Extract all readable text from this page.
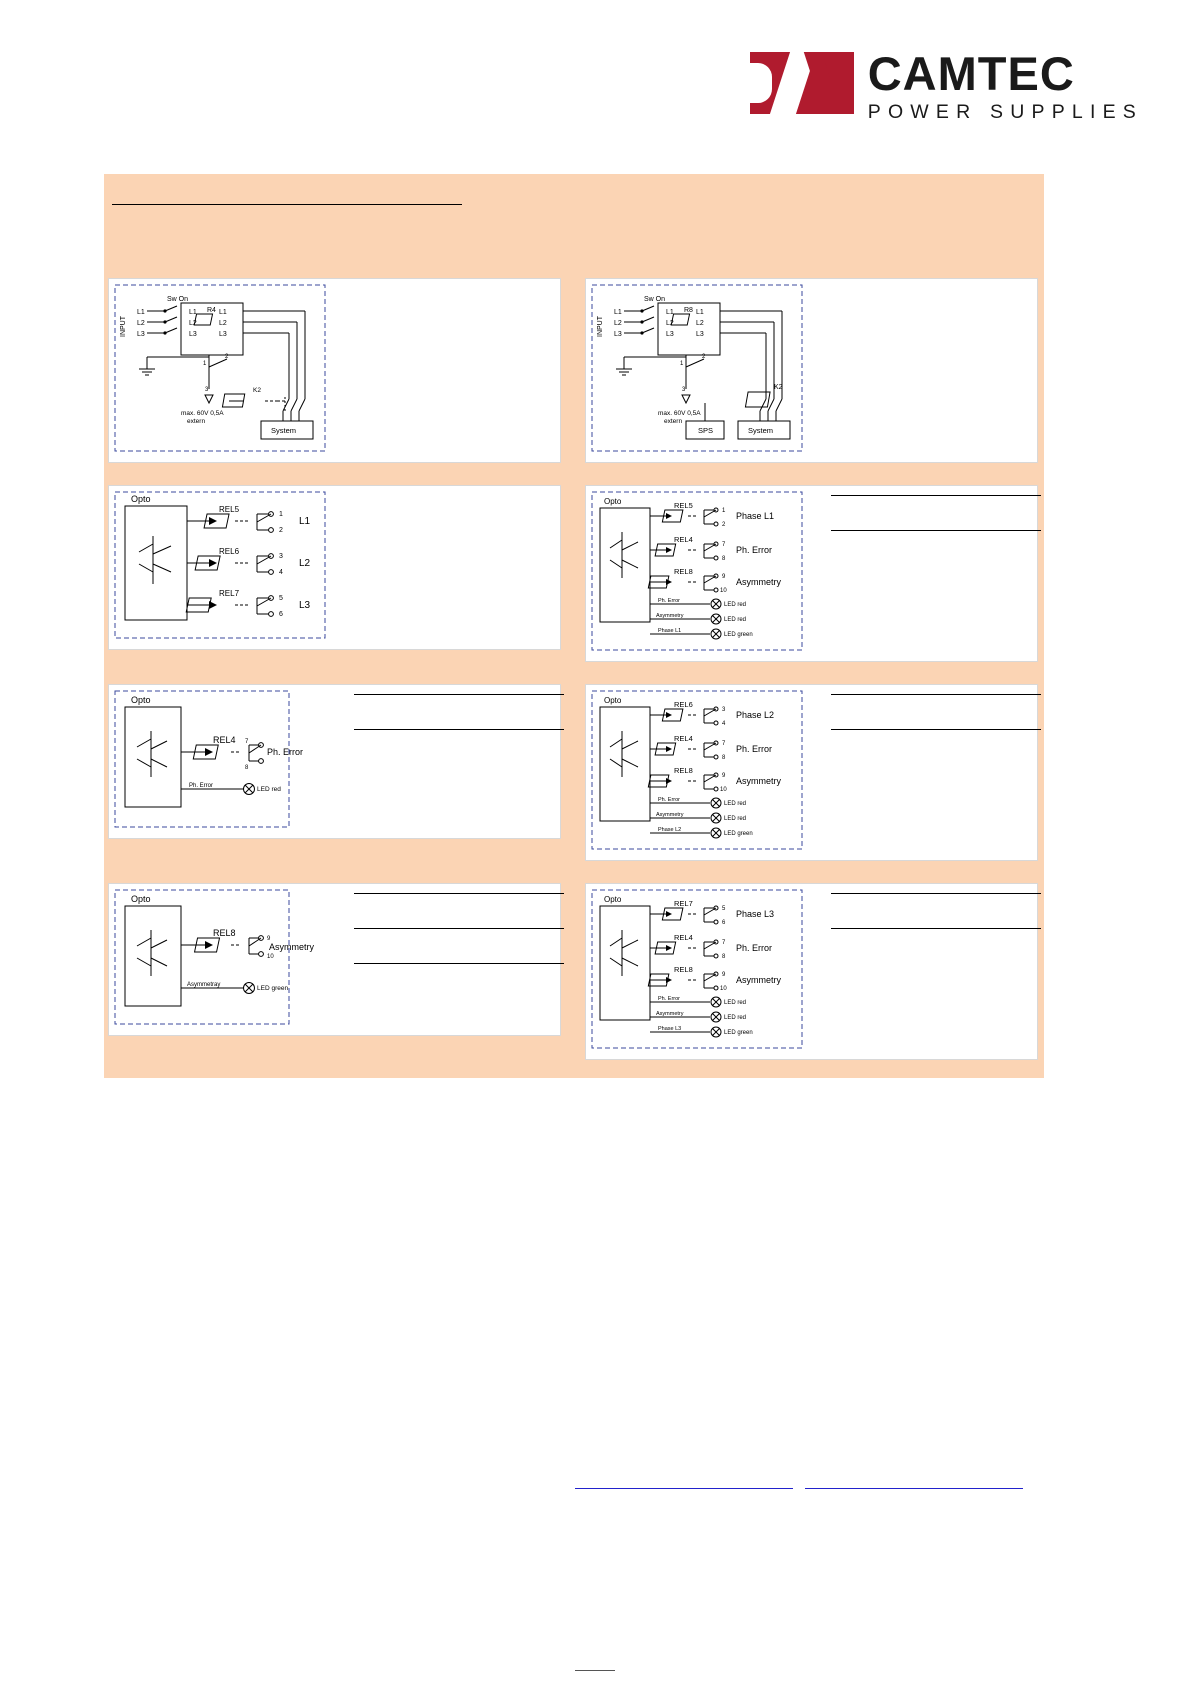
CAMTEC
POWER SUPPLIES
INPUT
Sw On
L1
L2
L3
L1
L2
L3
L1
L2
L3
R4
1
2
3
max. 60V 0,5A
extern
K2
System
INPUT
Sw On
L1
L2
L3
L1
L2
L3
L1
L2
L3
R8
1
2
3
max. 60V 0,5A
extern
K2
System
SPS
Opto
REL5
1
2
L1
REL6
3
4
L2
REL7
5
6
L3
Opto	REL5
1
2
Phase L1
REL4
7
8
Ph. Error
REL8
9
10
Asymmetry
Ph. Error
LED red
Asymmetry
LED red
Phase L1
LED green
Opto
REL4 7
8
Ph. Error
Ph. Error	LED red
Opto	REL6
3
4
Phase L2
REL4
7
8
Ph. Error
REL8
9
10
Asymmetry
Ph. Error
LED red
Asymmetry
LED red
Phase L2
LED green
Opto
REL8
9
10
Asymmetry
Asymmetray	LED green
Opto	REL7
5
6
Phase L3
REL4
7
8
Ph. Error
REL8
9
10
Asymmetry
Ph. Error
LED red
Asymmetry
LED red
Phase L3
LED green
